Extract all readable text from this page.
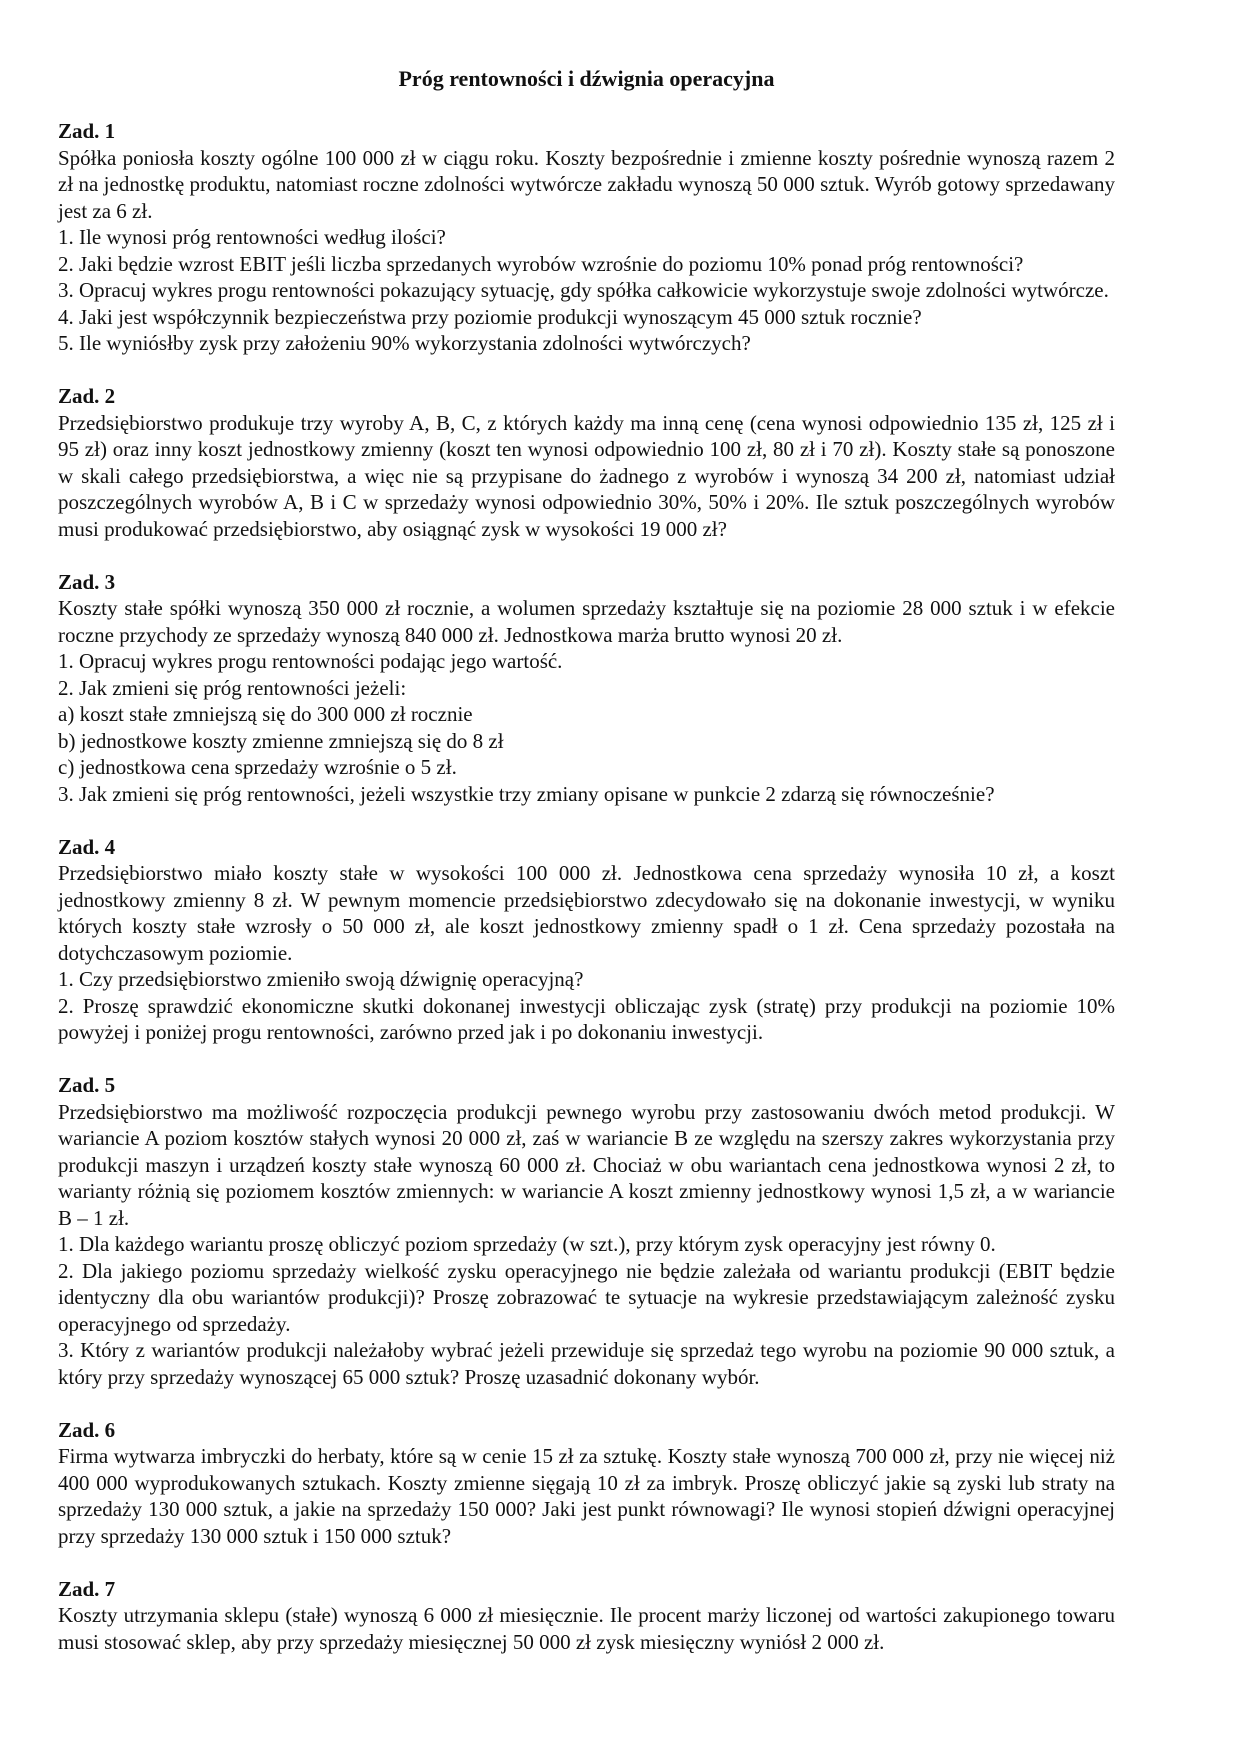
Próg rentowności i dźwignia operacyjna

Zad. 1

Spółka poniosła koszty ogólne 100 000 zł w ciągu roku. Koszty bezpośrednie i zmienne koszty pośrednie wynoszą razem 2 zł na jednostkę produktu, natomiast roczne zdolności wytwórcze zakładu wynoszą 50 000 sztuk. Wyrób gotowy sprzedawany jest za 6 zł.

1. Ile wynosi próg rentowności według ilości?

2. Jaki będzie wzrost EBIT jeśli liczba sprzedanych wyrobów wzrośnie do poziomu 10% ponad próg rentowności?

3. Opracuj wykres progu rentowności pokazujący sytuację, gdy spółka całkowicie wykorzystuje swoje zdolności wytwórcze.

4. Jaki jest współczynnik bezpieczeństwa przy poziomie produkcji wynoszącym 45 000 sztuk rocznie?

5. Ile wyniósłby zysk przy założeniu 90% wykorzystania zdolności wytwórczych?

Zad. 2

Przedsiębiorstwo produkuje trzy wyroby A, B, C, z których każdy ma inną cenę (cena wynosi odpowiednio 135 zł, 125 zł i 95 zł) oraz inny koszt jednostkowy zmienny (koszt ten wynosi odpowiednio 100 zł, 80 zł i 70 zł). Koszty stałe są ponoszone w skali całego przedsiębiorstwa, a więc nie są przypisane do żadnego z wyrobów i wynoszą 34 200 zł, natomiast udział poszczególnych wyrobów A, B i C w sprzedaży wynosi odpowiednio 30%, 50% i 20%. Ile sztuk poszczególnych wyrobów musi produkować przedsiębiorstwo, aby osiągnąć zysk w wysokości 19 000 zł?

Zad. 3

Koszty stałe spółki wynoszą 350 000 zł rocznie, a wolumen sprzedaży kształtuje się na poziomie 28 000 sztuk i w efekcie roczne przychody ze sprzedaży wynoszą 840 000 zł. Jednostkowa marża brutto wynosi 20 zł.

1. Opracuj wykres progu rentowności podając jego wartość.

2. Jak zmieni się próg rentowności jeżeli:

a) koszt stałe zmniejszą się do 300 000 zł rocznie

b) jednostkowe koszty zmienne zmniejszą się do 8 zł

c) jednostkowa cena sprzedaży wzrośnie o 5 zł.

3. Jak zmieni się próg rentowności, jeżeli wszystkie trzy zmiany opisane w punkcie 2 zdarzą się równocześnie?

Zad. 4

Przedsiębiorstwo miało koszty stałe w wysokości 100 000 zł. Jednostkowa cena sprzedaży wynosiła 10 zł, a koszt jednostkowy zmienny 8 zł. W pewnym momencie przedsiębiorstwo zdecydowało się na dokonanie inwestycji, w wyniku których koszty stałe wzrosły o 50 000 zł, ale koszt jednostkowy zmienny spadł o 1 zł. Cena sprzedaży pozostała na dotychczasowym poziomie.

1. Czy przedsiębiorstwo zmieniło swoją dźwignię operacyjną?

2. Proszę sprawdzić ekonomiczne skutki dokonanej inwestycji obliczając zysk (stratę) przy produkcji na poziomie 10% powyżej i poniżej progu rentowności, zarówno przed jak i po dokonaniu inwestycji.

Zad. 5

Przedsiębiorstwo ma możliwość rozpoczęcia produkcji pewnego wyrobu przy zastosowaniu dwóch metod produkcji. W wariancie A poziom kosztów stałych wynosi 20 000 zł, zaś w wariancie B ze względu na szerszy zakres wykorzystania przy produkcji maszyn i urządzeń koszty stałe wynoszą 60 000 zł. Chociaż w obu wariantach cena jednostkowa wynosi 2 zł, to warianty różnią się poziomem kosztów zmiennych: w wariancie A koszt zmienny jednostkowy wynosi 1,5 zł, a w wariancie B – 1 zł.

1. Dla każdego wariantu proszę obliczyć poziom sprzedaży (w szt.), przy którym zysk operacyjny jest równy 0.

2. Dla jakiego poziomu sprzedaży wielkość zysku operacyjnego nie będzie zależała od wariantu produkcji (EBIT będzie identyczny dla obu wariantów produkcji)? Proszę zobrazować te sytuacje na wykresie przedstawiającym zależność zysku operacyjnego od sprzedaży.

3. Który z wariantów produkcji należałoby wybrać jeżeli przewiduje się sprzedaż tego wyrobu na poziomie 90 000 sztuk, a który przy sprzedaży wynoszącej 65 000 sztuk? Proszę uzasadnić dokonany wybór.

Zad. 6

Firma wytwarza imbryczki do herbaty, które są w cenie 15 zł za sztukę. Koszty stałe wynoszą 700 000 zł, przy nie więcej niż 400 000 wyprodukowanych sztukach. Koszty zmienne sięgają 10 zł za imbryk. Proszę obliczyć jakie są zyski lub straty na sprzedaży 130 000 sztuk, a jakie na sprzedaży 150 000? Jaki jest punkt równowagi? Ile wynosi stopień dźwigni operacyjnej przy sprzedaży 130 000 sztuk i 150 000 sztuk?

Zad. 7

Koszty utrzymania sklepu (stałe) wynoszą 6 000 zł miesięcznie. Ile procent marży liczonej od wartości zakupionego towaru musi stosować sklep, aby przy sprzedaży miesięcznej 50 000 zł zysk miesięczny wyniósł 2 000 zł.
